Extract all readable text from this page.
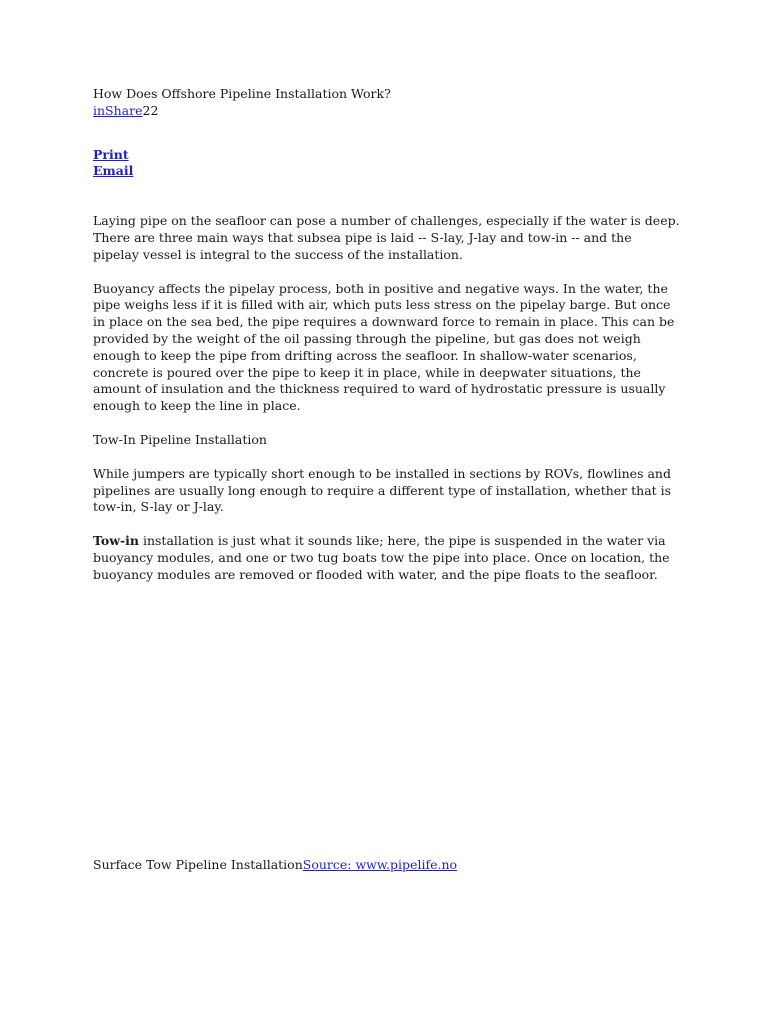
How Does Offshore Pipeline Installation Work?

inShare22

Print
Email

Laying pipe on the seafloor can pose a number of challenges, especially if the water is deep. There are three main ways that subsea pipe is laid -- S-lay, J-lay and tow-in -- and the pipelay vessel is integral to the success of the installation.

Buoyancy affects the pipelay process, both in positive and negative ways. In the water, the pipe weighs less if it is filled with air, which puts less stress on the pipelay barge. But once in place on the sea bed, the pipe requires a downward force to remain in place. This can be provided by the weight of the oil passing through the pipeline, but gas does not weigh enough to keep the pipe from drifting across the seafloor. In shallow-water scenarios, concrete is poured over the pipe to keep it in place, while in deepwater situations, the amount of insulation and the thickness required to ward of hydrostatic pressure is usually enough to keep the line in place.

Tow-In Pipeline Installation

While jumpers are typically short enough to be installed in sections by ROVs, flowlines and pipelines are usually long enough to require a different type of installation, whether that is tow-in, S-lay or J-lay.

Tow-in installation is just what it sounds like; here, the pipe is suspended in the water via buoyancy modules, and one or two tug boats tow the pipe into place. Once on location, the buoyancy modules are removed or flooded with water, and the pipe floats to the seafloor.

Surface Tow Pipeline InstallationSource: www.pipelife.no
